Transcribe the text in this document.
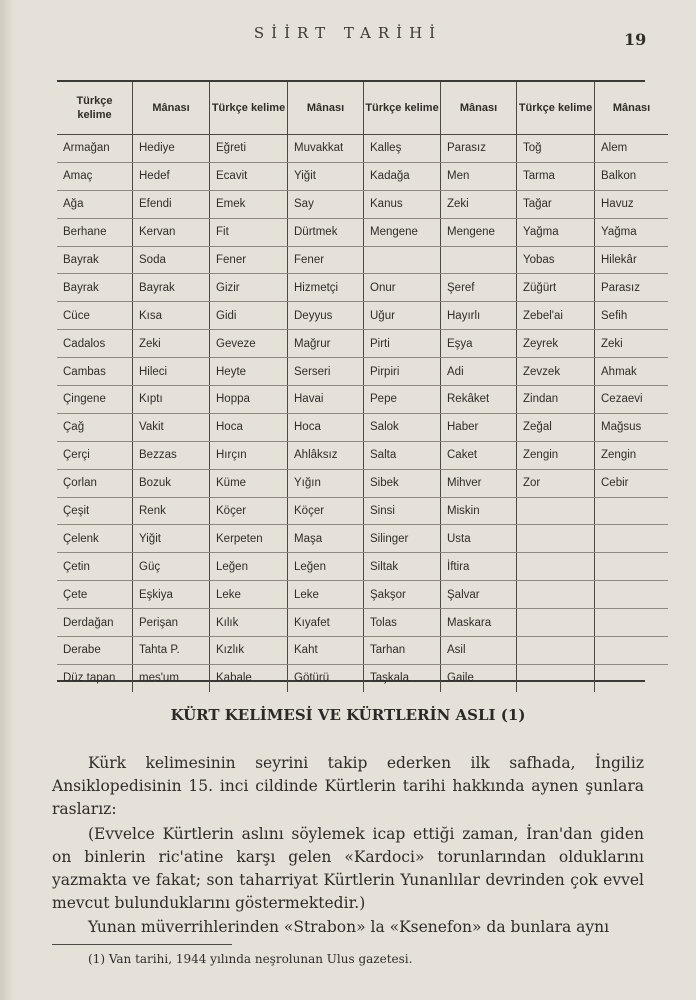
SİİRT TARİHİ	19
Türkçe kelime	Mânası	Türkçe kelime	Mânası	Türkçe kelime	Mânası	Türkçe kelime	Mânası
Armağan	Hediye	Eğreti	Muvakkat	Kalleş	Parasız	Toğ	Alem
Amaç	Hedef	Ecavit	Yiğit	Kadağa	Men	Tarma	Balkon
Ağa	Efendi	Emek	Say	Kanus	Zeki	Tağar	Havuz
Berhane	Kervan	Fit	Dürtmek	Mengene	Mengene	Yağma	Yağma
Bayrak	Soda	Fener	Fener			Yobas	Hilekâr
Bayrak	Bayrak	Gizir	Hizmetçi	Onur	Şeref	Züğürt	Parasız
Cüce	Kısa	Gidi	Deyyus	Uğur	Hayırlı	Zebel'ai	Sefih
Cadalos	Zeki	Geveze	Mağrur	Pirti	Eşya	Zeyrek	Zeki
Cambas	Hileci	Heyte	Serseri	Pirpiri	Adi	Zevzek	Ahmak
Çingene	Kıptı	Hoppa	Havai	Pepe	Rekâket	Zindan	Cezaevi
Çağ	Vakit	Hoca	Hoca	Salok	Haber	Zeğal	Mağsus
Çerçi	Bezzas	Hırçın	Ahlâksız	Salta	Caket	Zengin	Zengin
Çorlan	Bozuk	Küme	Yığın	Sibek	Mihver	Zor	Cebir
Çeşit	Renk	Köçer	Köçer	Sinsi	Miskin		
Çelenk	Yiğit	Kerpeten	Maşa	Silinger	Usta		
Çetin	Güç	Leğen	Leğen	Siltak	İftira		
Çete	Eşkiya	Leke	Leke	Şakşor	Şalvar		
Derdağan	Perişan	Kılık	Kıyafet	Tolas	Maskara		
Derabe	Tahta P.	Kızlık	Kaht	Tarhan	Asil		
Düz tapan	mes'um	Kabale	Götürü	Taşkala	Gaile		
KÜRT KELİMESİ VE KÜRTLERİN ASLI (1)
Kürk kelimesinin seyrini takip ederken ilk safhada, İngiliz Ansiklopedisinin 15. inci cildinde Kürtlerin tarihi hakkında aynen şunlara raslarız:
(Evvelce Kürtlerin aslını söylemek icap ettiği zaman, İran'dan giden on binlerin ric'atine karşı gelen «Kardoci» torunlarından olduklarını yazmakta ve fakat; son taharriyat Kürtlerin Yunanlılar devrinden çok evvel mevcut bulunduklarını göstermektedir.)
Yunan müverrihlerinden «Strabon» la «Ksenefon» da bunlara aynı
(1) Van tarihi, 1944 yılında neşrolunan Ulus gazetesi.
